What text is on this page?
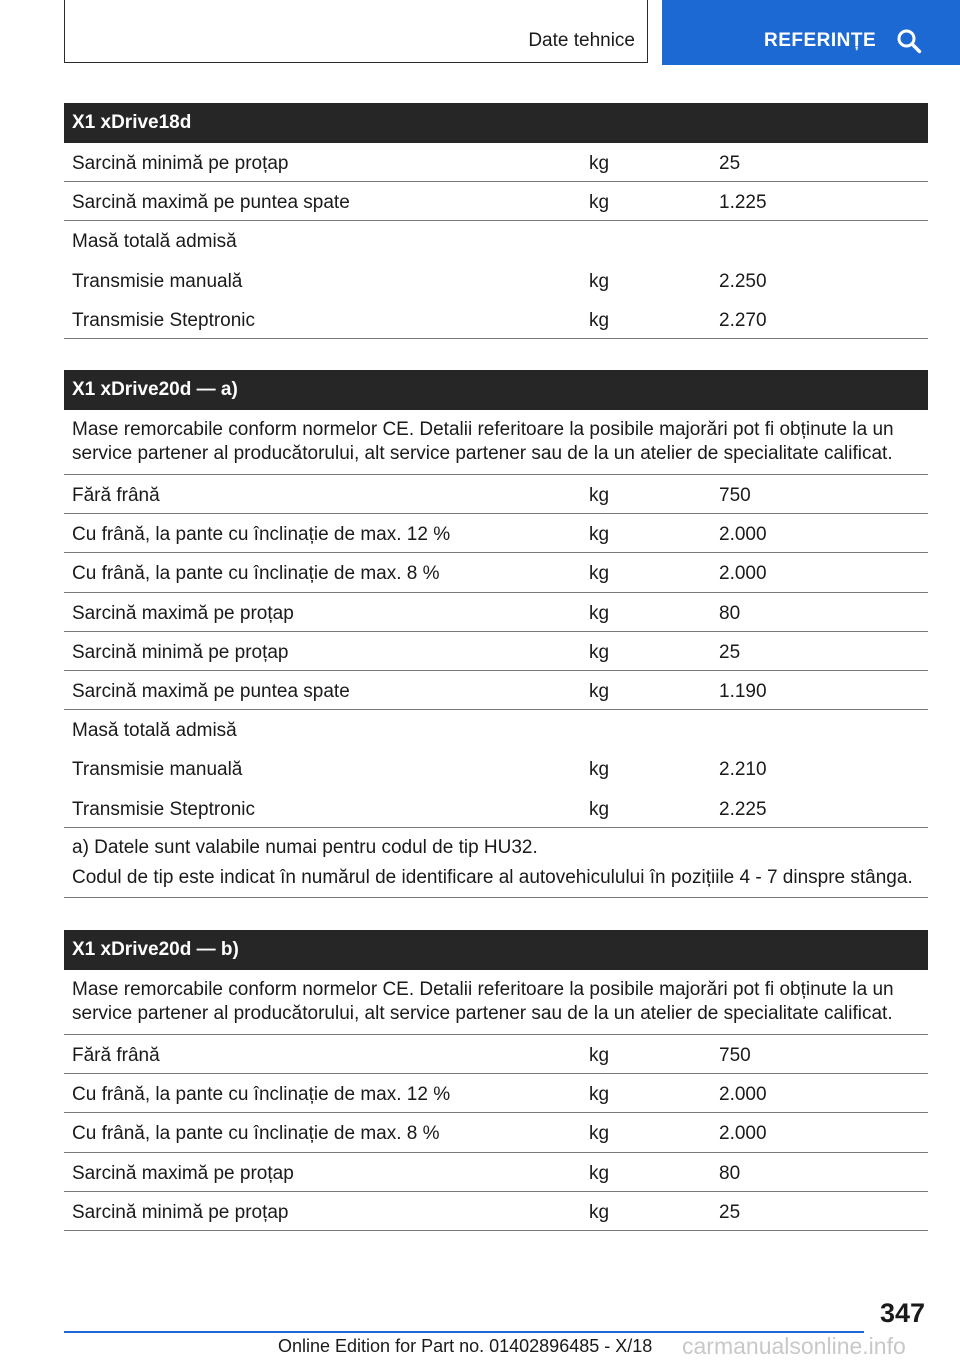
Date tehnice	REFERINȚE
X1 xDrive18d
Sarcină minimă pe proțap	kg	25
Sarcină maximă pe puntea spate	kg	1.225
Masă totală admisă
Transmisie manuală	kg	2.250
Transmisie Steptronic	kg	2.270
X1 xDrive20d — a)
Mase remorcabile conform normelor CE. Detalii referitoare la posibile majorări pot fi obținute la un service partener al producătorului, alt service partener sau de la un atelier de specialitate calificat.
Fără frână	kg	750
Cu frână, la pante cu înclinație de max. 12 %	kg	2.000
Cu frână, la pante cu înclinație de max. 8 %	kg	2.000
Sarcină maximă pe proțap	kg	80
Sarcină minimă pe proțap	kg	25
Sarcină maximă pe puntea spate	kg	1.190
Masă totală admisă
Transmisie manuală	kg	2.210
Transmisie Steptronic	kg	2.225
a) Datele sunt valabile numai pentru codul de tip HU32.
Codul de tip este indicat în numărul de identificare al autovehiculului în pozițiile 4 - 7 dinspre stânga.
X1 xDrive20d — b)
Mase remorcabile conform normelor CE. Detalii referitoare la posibile majorări pot fi obținute la un service partener al producătorului, alt service partener sau de la un atelier de specialitate calificat.
Fără frână	kg	750
Cu frână, la pante cu înclinație de max. 12 %	kg	2.000
Cu frână, la pante cu înclinație de max. 8 %	kg	2.000
Sarcină maximă pe proțap	kg	80
Sarcină minimă pe proțap	kg	25
347
Online Edition for Part no. 01402896485 - X/18 carmanualsonline.info
